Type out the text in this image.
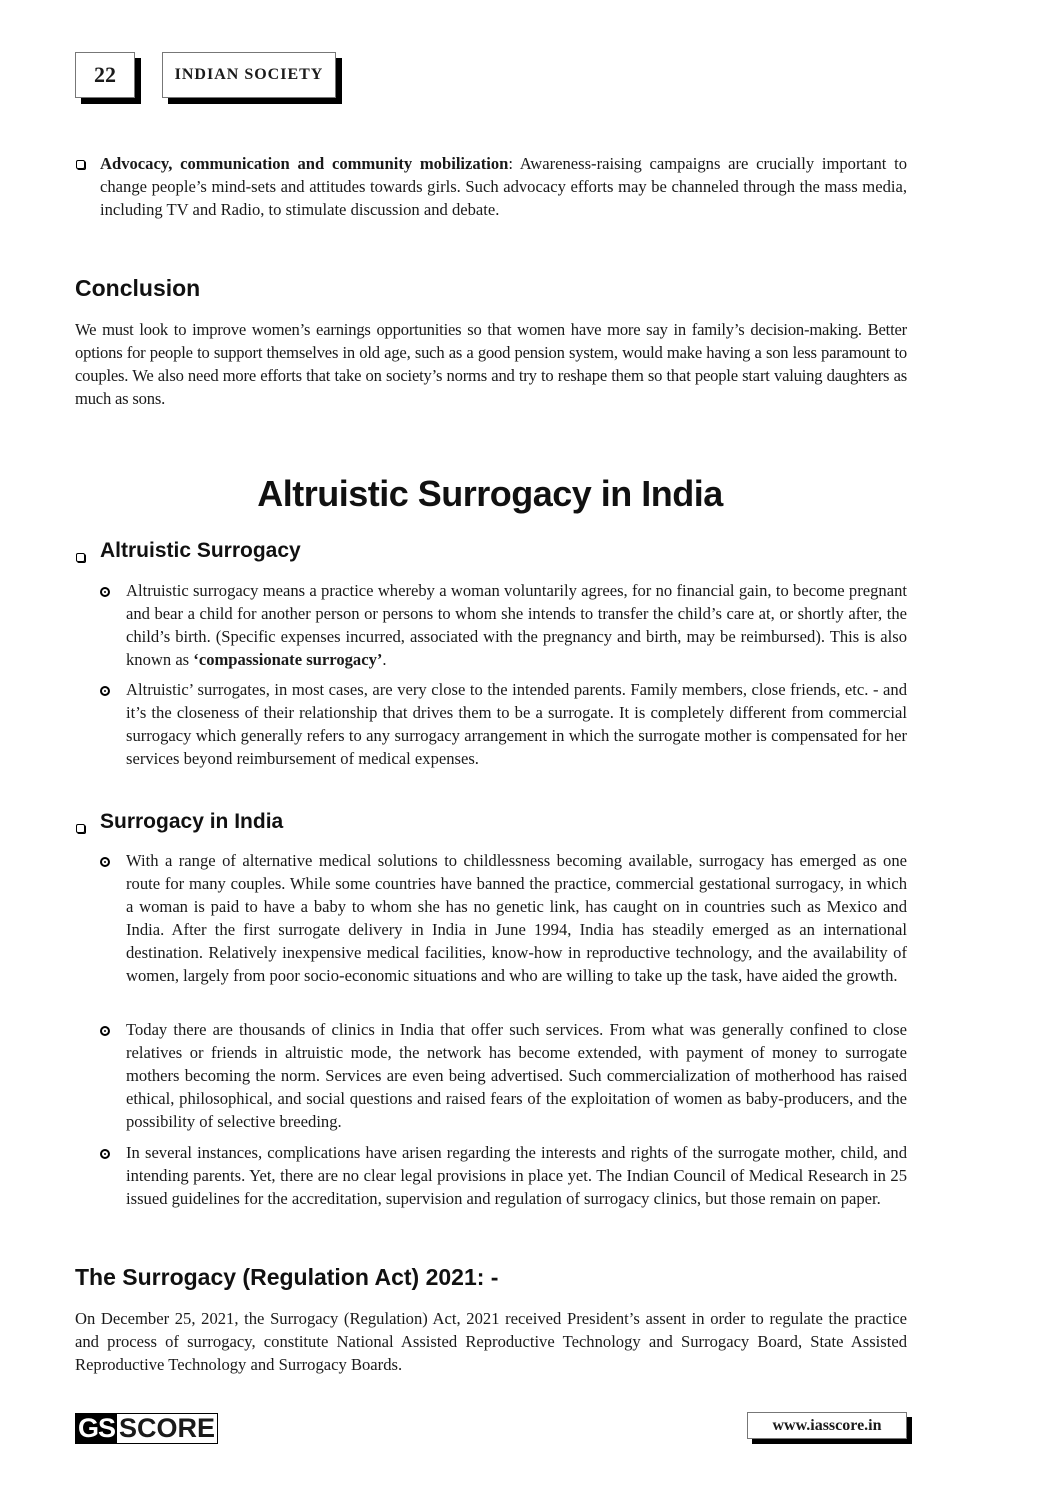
22	INDIAN SOCIETY
Advocacy, communication and community mobilization: Awareness-raising campaigns are crucially important to change people’s mind-sets and attitudes towards girls. Such advocacy efforts may be channeled through the mass media, including TV and Radio, to stimulate discussion and debate.
Conclusion
We must look to improve women’s earnings opportunities so that women have more say in family’s decision-making. Better options for people to support themselves in old age, such as a good pension system, would make having a son less paramount to couples. We also need more efforts that take on society’s norms and try to reshape them so that people start valuing daughters as much as sons.
Altruistic Surrogacy in India
Altruistic Surrogacy
Altruistic surrogacy means a practice whereby a woman voluntarily agrees, for no financial gain, to become pregnant and bear a child for another person or persons to whom she intends to transfer the child’s care at, or shortly after, the child’s birth. (Specific expenses incurred, associated with the pregnancy and birth, may be reimbursed). This is also known as ‘compassionate surrogacy’.
Altruistic’ surrogates, in most cases, are very close to the intended parents. Family members, close friends, etc. - and it’s the closeness of their relationship that drives them to be a surrogate. It is completely different from commercial surrogacy which generally refers to any surrogacy arrangement in which the surrogate mother is compensated for her services beyond reimbursement of medical expenses.
Surrogacy in India
With a range of alternative medical solutions to childlessness becoming available, surrogacy has emerged as one route for many couples. While some countries have banned the practice, commercial gestational surrogacy, in which a woman is paid to have a baby to whom she has no genetic link, has caught on in countries such as Mexico and India. After the first surrogate delivery in India in June 1994, India has steadily emerged as an international destination. Relatively inexpensive medical facilities, know-how in reproductive technology, and the availability of women, largely from poor socio-economic situations and who are willing to take up the task, have aided the growth.
Today there are thousands of clinics in India that offer such services. From what was generally confined to close relatives or friends in altruistic mode, the network has become extended, with payment of money to surrogate mothers becoming the norm. Services are even being advertised. Such commercialization of motherhood has raised ethical, philosophical, and social questions and raised fears of the exploitation of women as baby-producers, and the possibility of selective breeding.
In several instances, complications have arisen regarding the interests and rights of the surrogate mother, child, and intending parents. Yet, there are no clear legal provisions in place yet. The Indian Council of Medical Research in 25 issued guidelines for the accreditation, supervision and regulation of surrogacy clinics, but those remain on paper.
The Surrogacy (Regulation Act) 2021: -
On December 25, 2021, the Surrogacy (Regulation) Act, 2021 received President’s assent in order to regulate the practice and process of surrogacy, constitute National Assisted Reproductive Technology and Surrogacy Board, State Assisted Reproductive Technology and Surrogacy Boards.
GS SCORE	www.iasscore.in
